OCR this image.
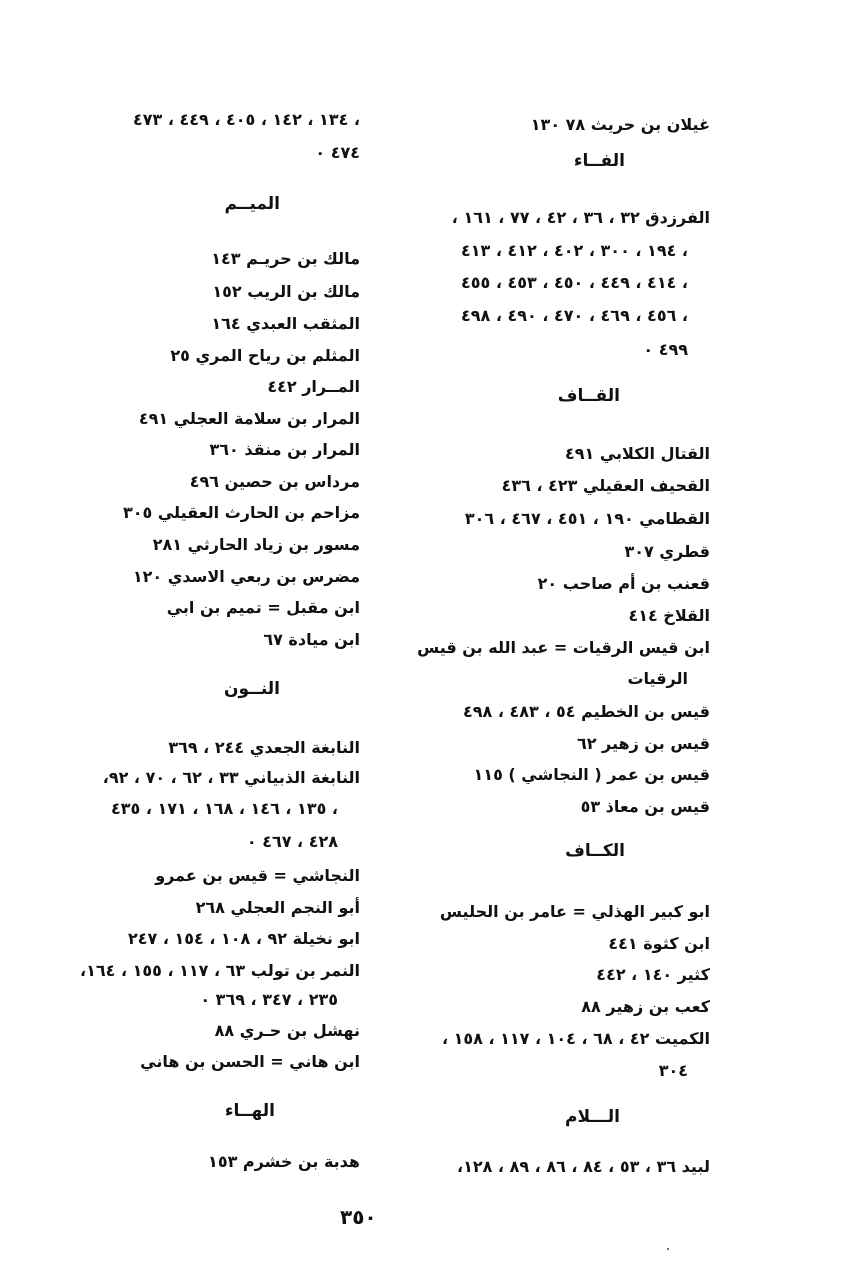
غيلان بن حريث ٧٨ ١٣٠
الفــاء
الفرزدق ٣٢ ، ٣٦ ، ٤٢ ، ٧٧ ، ١٦١ ،
١٩٤ ، ٣٠٠ ، ٤٠٢ ، ٤١٢ ، ٤١٣ ،
٤١٤ ، ٤٤٩ ، ٤٥٠ ، ٤٥٣ ، ٤٥٥ ،
٤٥٦ ، ٤٦٩ ، ٤٧٠ ، ٤٩٠ ، ٤٩٨ ،
٤٩٩ ٠
القــاف
القتال الكلابي ٤٩١
القحيف العقيلي ٤٢٣ ، ٤٣٦
القطامي ١٩٠ ، ٤٥١ ، ٤٦٧ ، ٣٠٦
قطري ٣٠٧
قعنب بن أم صاحب ٢٠
القلاخ ٤١٤
ابن قيس الرقيات = عبد الله بن قيس
الرقيات
قيس بن الخطيم ٥٤ ، ٤٨٣ ، ٤٩٨
قيس بن زهير ٦٢
قيس بن عمر ( النجاشي ) ١١٥
قيس بن معاذ ٥٣
الكــاف
ابو كبير الهذلي = عامر بن الحليس
ابن كثوة ٤٤١
كثير ١٤٠ ، ٤٤٢
كعب بن زهير ٨٨
الكميت ٤٢ ، ٦٨ ، ١٠٤ ، ١١٧ ، ١٥٨ ،
٣٠٤
الـــلام
لبيد ٣٦ ، ٥٣ ، ٨٤ ، ٨٦ ، ٨٩ ، ١٢٨،
١٣٤ ، ١٤٢ ، ٤٠٥ ، ٤٤٩ ، ٤٧٣ ،
٤٧٤ ٠
الميــم
مالك بن حريـم ١٤٣
مالك بن الريب ١٥٢
المثقب العبدي ١٦٤
المثلم بن رياح المري ٢٥
المــرار ٤٤٢
المرار بن سلامة العجلي ٤٩١
المرار بن منقذ ٣٦٠
مرداس بن حصين ٤٩٦
مزاحم بن الحارث العقيلي ٣٠٥
مسور بن زياد الحارثي ٢٨١
مضرس بن ربعي الاسدي ١٢٠
ابن مقبل = تميم بن ابي
ابن ميادة ٦٧
النــون
النابغة الجعدي ٢٤٤ ، ٣٦٩
النابغة الذبياني ٣٣ ، ٦٢ ، ٧٠ ، ٩٢،
١٣٥ ، ١٤٦ ، ١٦٨ ، ١٧١ ، ٤٣٥ ،
٤٢٨ ، ٤٦٧ ٠
النجاشي = قيس بن عمرو
أبو النجم العجلي ٢٦٨
ابو نخيلة ٩٢ ، ١٠٨ ، ١٥٤ ، ٢٤٧
النمر بن تولب ٦٣ ، ١١٧ ، ١٥٥ ، ١٦٤،
٢٣٥ ، ٣٤٧ ، ٣٦٩ ٠
نهشل بن حـري ٨٨
ابن هاني = الحسن بن هاني
الهــاء
هدبة بن خشرم ١٥٣
٣٥٠
